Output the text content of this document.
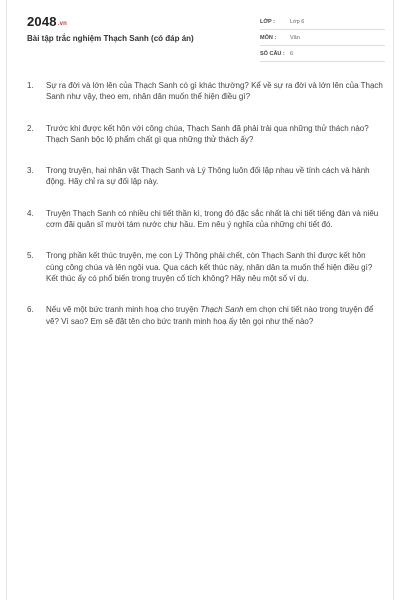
2048.vn
Bài tập trắc nghiệm Thạch Sanh (có đáp án)
LỚP :	Lớp 6
MÔN :	Văn
SỐ CÂU : 6
1.	Sự ra đời và lớn lên của Thạch Sanh có gì khác thường? Kể về sự ra đời và lớn lên của Thạch Sanh như vậy, theo em, nhân dân muốn thể hiện điều gì?
2.	Trước khi được kết hôn với công chúa, Thạch Sanh đã phải trải qua những thử thách nào? Thạch Sanh bộc lộ phẩm chất gì qua những thử thách ấy?
3.	Trong truyện, hai nhân vật Thạch Sanh và Lý Thông luôn đối lập nhau về tính cách và hành động. Hãy chỉ ra sự đối lập này.
4.	Truyện Thạch Sanh có nhiều chi tiết thần kì, trong đó đặc sắc nhất là chi tiết tiếng đàn và niêu cơm đãi quân sĩ mười tám nước chư hầu. Em nêu ý nghĩa của những chi tiết đó.
5.	Trong phần kết thúc truyện, mẹ con Lý Thông phải chết, còn Thạch Sanh thì được kết hôn cùng công chúa và lên ngôi vua. Qua cách kết thúc này, nhân dân ta muốn thể hiện điều gì? Kết thúc ấy có phổ biến trong truyện cổ tích không? Hãy nêu một số ví dụ.
6.	Nếu vẽ một bức tranh minh hoạ cho truyện Thạch Sanh em chọn chi tiết nào trong truyện để vẽ? Vì sao? Em sẽ đặt tên cho bức tranh minh hoạ ấy tên gọi như thế nào?
